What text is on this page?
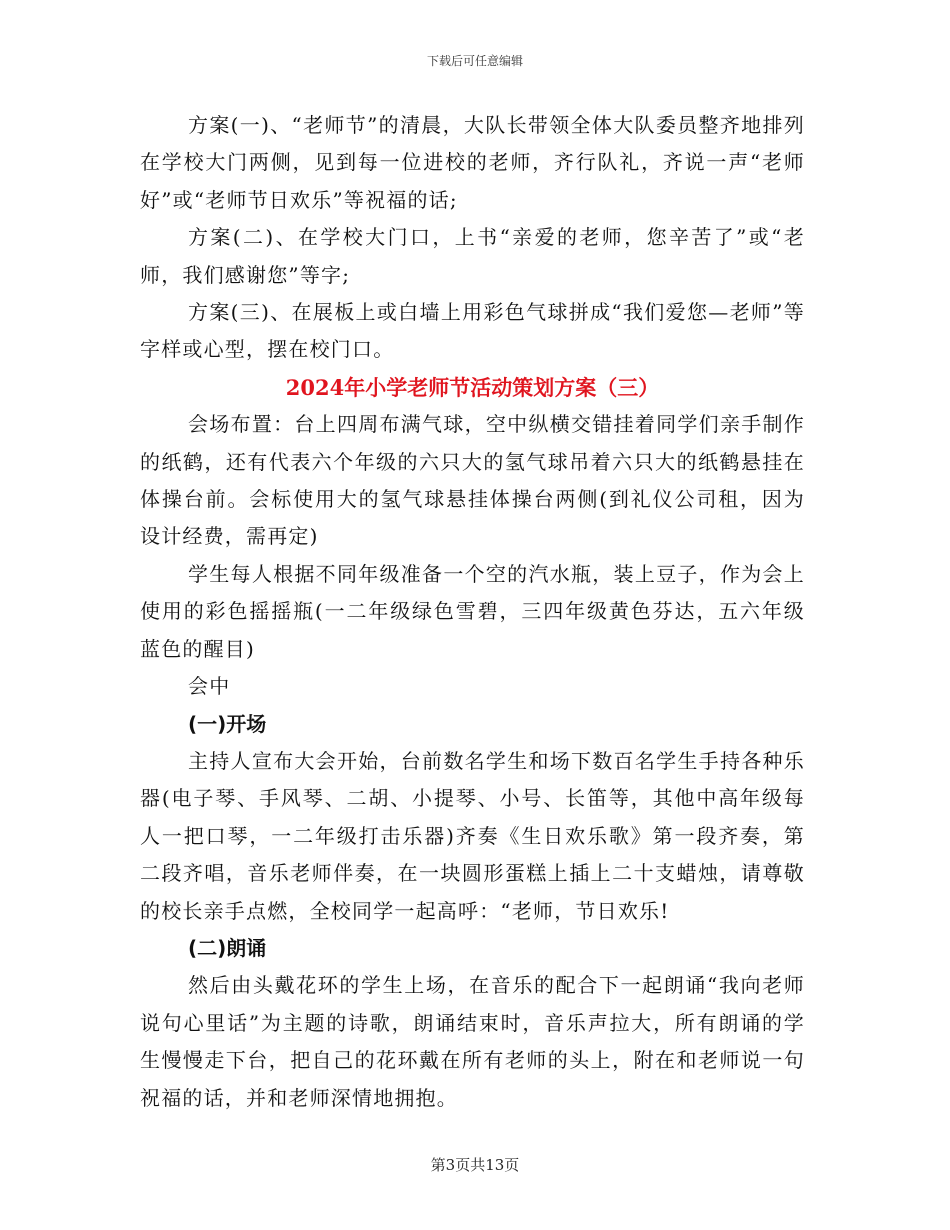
下载后可任意编辑

方案(一)、“老师节”的清晨，大队长带领全体大队委员整齐地排列在学校大门两侧，见到每一位进校的老师，齐行队礼，齐说一声“老师好”或“老师节日欢乐”等祝福的话;

方案(二)、在学校大门口，上书“亲爱的老师，您辛苦了”或“老师，我们感谢您”等字;

方案(三)、在展板上或白墙上用彩色气球拼成“我们爱您—老师”等字样或心型，摆在校门口。

2024年小学老师节活动策划方案（三）

会场布置：台上四周布满气球，空中纵横交错挂着同学们亲手制作的纸鹤，还有代表六个年级的六只大的氢气球吊着六只大的纸鹤悬挂在体操台前。会标使用大的氢气球悬挂体操台两侧(到礼仪公司租，因为设计经费，需再定)

学生每人根据不同年级准备一个空的汽水瓶，装上豆子，作为会上使用的彩色摇摇瓶(一二年级绿色雪碧，三四年级黄色芬达，五六年级蓝色的醒目)

会中

(一)开场

主持人宣布大会开始，台前数名学生和场下数百名学生手持各种乐器(电子琴、手风琴、二胡、小提琴、小号、长笛等，其他中高年级每人一把口琴，一二年级打击乐器)齐奏《生日欢乐歌》第一段齐奏，第二段齐唱，音乐老师伴奏，在一块圆形蛋糕上插上二十支蜡烛，请尊敬的校长亲手点燃，全校同学一起高呼：“老师，节日欢乐!

(二)朗诵

然后由头戴花环的学生上场，在音乐的配合下一起朗诵“我向老师说句心里话”为主题的诗歌，朗诵结束时，音乐声拉大，所有朗诵的学生慢慢走下台，把自己的花环戴在所有老师的头上，附在和老师说一句祝福的话，并和老师深情地拥抱。

第3页共13页
